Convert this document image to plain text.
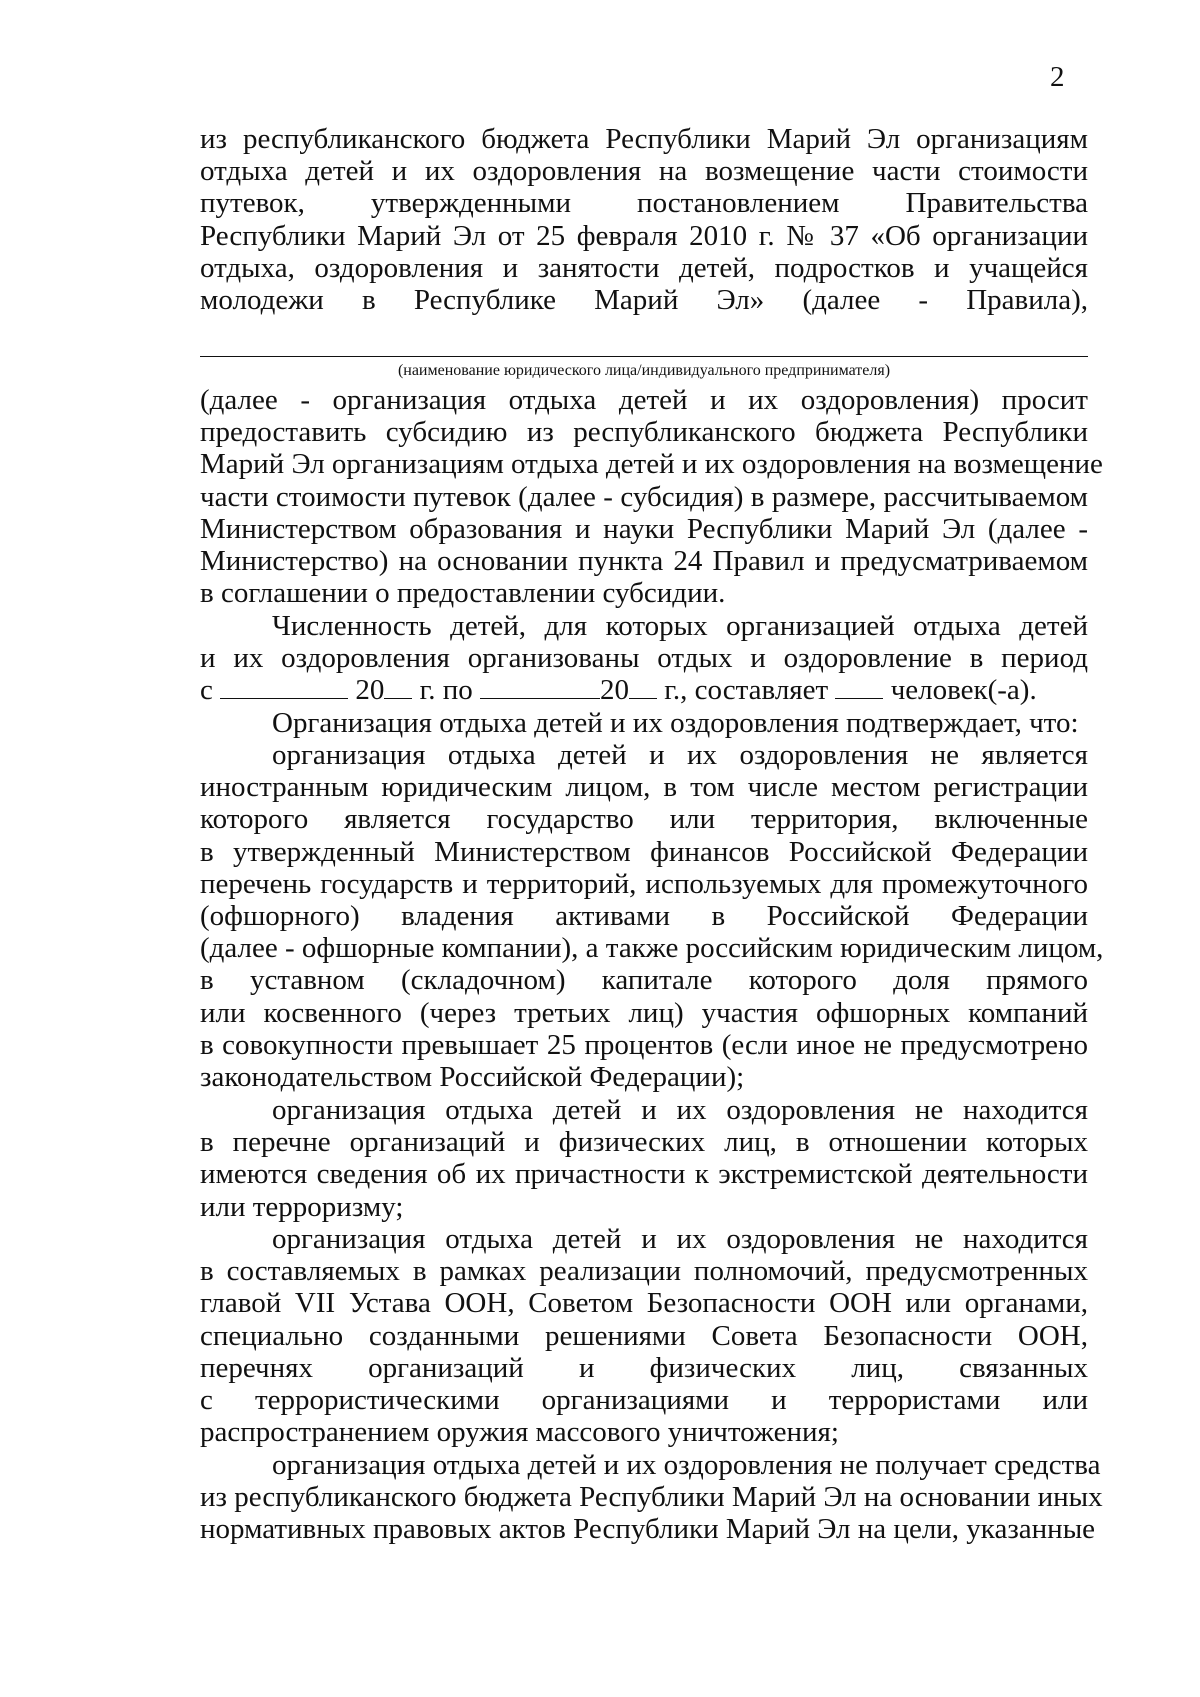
2
из республиканского бюджета Республики Марий Эл организациям
отдыха детей и их оздоровления на возмещение части стоимости
путевок, утвержденными постановлением Правительства
Республики Марий Эл от 25 февраля 2010 г. № 37 «Об организации
отдыха, оздоровления и занятости детей, подростков и учащейся
молодежи в Республике Марий Эл» (далее - Правила),
(наименование юридического лица/индивидуального предпринимателя)
(далее - организация отдыха детей и их оздоровления) просит
предоставить субсидию из республиканского бюджета Республики
Марий Эл организациям отдыха детей и их оздоровления на возмещение
части стоимости путевок (далее - субсидия) в размере, рассчитываемом
Министерством образования и науки Республики Марий Эл (далее -
Министерство) на основании пункта 24 Правил и предусматриваемом
в соглашении о предоставлении субсидии.
Численность детей, для которых организацией отдыха детей
и их оздоровления организованы отдых и оздоровление в период
с	20 г. по	20 г., составляет человек(-а).
Организация отдыха детей и их оздоровления подтверждает, что:
организация отдыха детей и их оздоровления не является
иностранным юридическим лицом, в том числе местом регистрации
которого является государство или территория, включенные
в утвержденный Министерством финансов Российской Федерации
перечень государств и территорий, используемых для промежуточного
(офшорного) владения активами в Российской Федерации
(далее - офшорные компании), а также российским юридическим лицом,
в уставном (складочном) капитале которого доля прямого
или косвенного (через третьих лиц) участия офшорных компаний
в совокупности превышает 25 процентов (если иное не предусмотрено
законодательством Российской Федерации);
организация отдыха детей и их оздоровления не находится
в перечне организаций и физических лиц, в отношении которых
имеются сведения об их причастности к экстремистской деятельности
или терроризму;
организация отдыха детей и их оздоровления не находится
в составляемых в рамках реализации полномочий, предусмотренных
главой VII Устава ООН, Советом Безопасности ООН или органами,
специально созданными решениями Совета Безопасности ООН,
перечнях организаций и физических лиц, связанных
с террористическими организациями и террористами или
распространением оружия массового уничтожения;
организация отдыха детей и их оздоровления не получает средства
из республиканского бюджета Республики Марий Эл на основании иных
нормативных правовых актов Республики Марий Эл на цели, указанные
